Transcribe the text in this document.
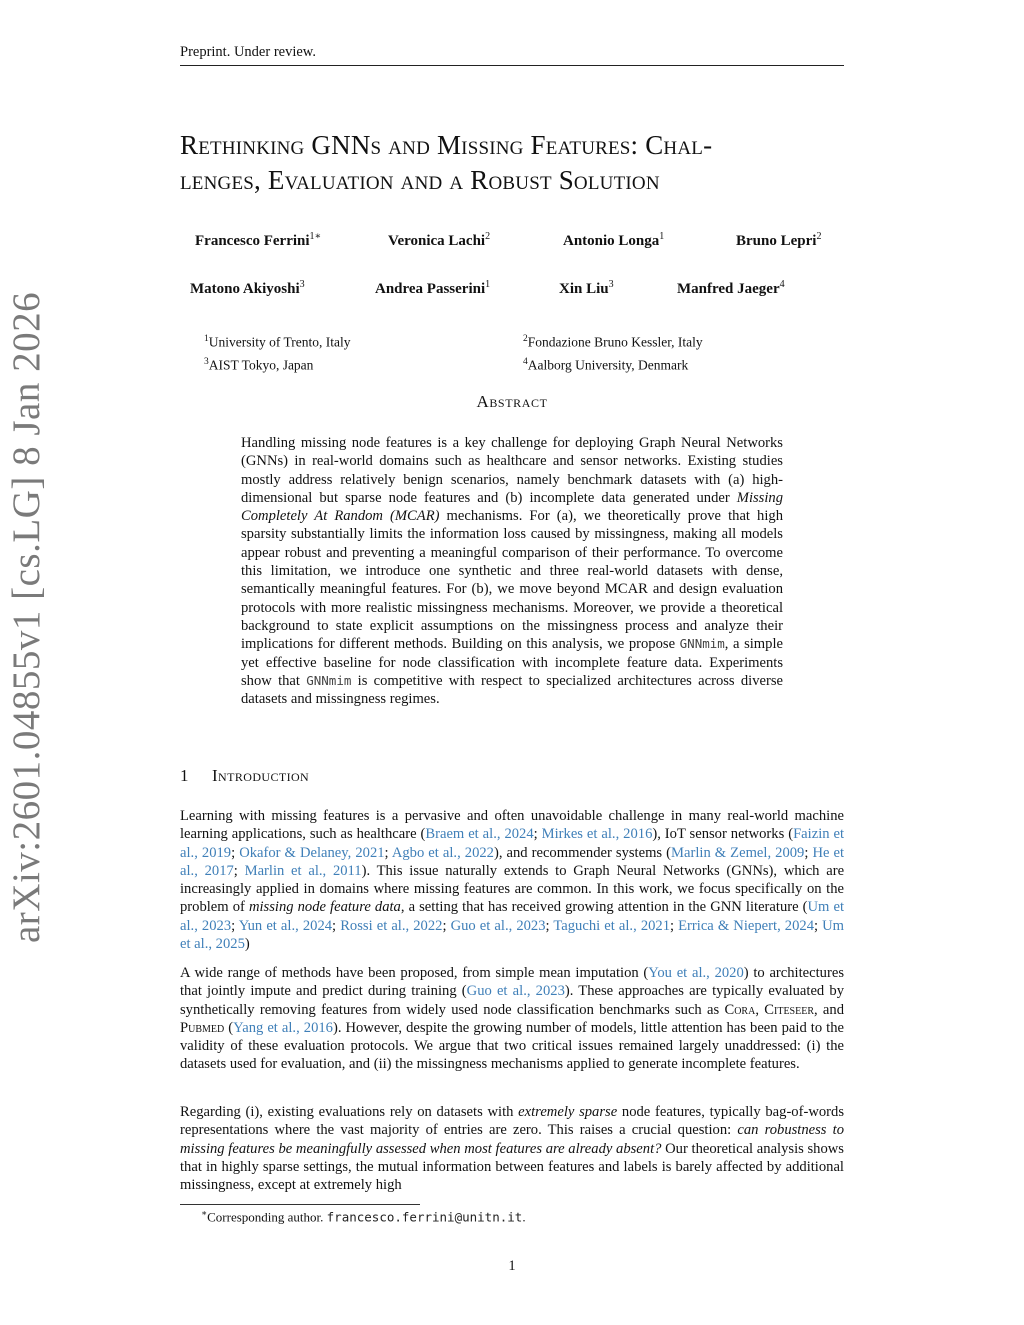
Preprint. Under review.
arXiv:2601.04855v1 [cs.LG] 8 Jan 2026
Rethinking GNNs and Missing Features: Chal-
lenges, Evaluation and a Robust Solution
Francesco Ferrini$^{1∗}$	Veronica Lachi$^2$	Antonio Longa$^1$	Bruno Lepri$^2$
Matono Akiyoshi$^3$	Andrea Passerini$^1$	Xin Liu$^3$	Manfred Jaeger$^4$
$^1$University of Trento, Italy	$^2$Fondazione Bruno Kessler, Italy
$^3$AIST Tokyo, Japan	$^4$Aalborg University, Denmark
Abstract
Handling missing node features is a key challenge for deploying Graph Neural Networks (GNNs) in real-world domains such as healthcare and sensor networks. Existing studies mostly address relatively benign scenarios, namely benchmark datasets with (a) high-dimensional but sparse node features and (b) incomplete data generated under Missing Completely At Random (MCAR) mechanisms. For (a), we theoretically prove that high sparsity substantially limits the information loss caused by missingness, making all models appear robust and preventing a meaningful comparison of their performance. To overcome this limitation, we introduce one synthetic and three real-world datasets with dense, semantically meaningful features. For (b), we move beyond MCAR and design evaluation protocols with more realistic missingness mechanisms. Moreover, we provide a theoretical background to state explicit assumptions on the missingness process and analyze their implications for different methods. Building on this analysis, we propose GNNmim, a simple yet effective baseline for node classification with incomplete feature data. Experiments show that GNNmim is competitive with respect to specialized architectures across diverse datasets and missingness regimes.
1 Introduction
Learning with missing features is a pervasive and often unavoidable challenge in many real-world machine learning applications, such as healthcare (Braem et al., 2024; Mirkes et al., 2016), IoT sensor networks (Faizin et al., 2019; Okafor & Delaney, 2021; Agbo et al., 2022), and recommender systems (Marlin & Zemel, 2009; He et al., 2017; Marlin et al., 2011). This issue naturally extends to Graph Neural Networks (GNNs), which are increasingly applied in domains where missing features are common. In this work, we focus specifically on the problem of missing node feature data, a setting that has received growing attention in the GNN literature (Um et al., 2023; Yun et al., 2024; Rossi et al., 2022; Guo et al., 2023; Taguchi et al., 2021; Errica & Niepert, 2024; Um et al., 2025)
A wide range of methods have been proposed, from simple mean imputation (You et al., 2020) to architectures that jointly impute and predict during training (Guo et al., 2023). These approaches are typically evaluated by synthetically removing features from widely used node classification benchmarks such as Cora, Citeseer, and Pubmed (Yang et al., 2016). However, despite the growing number of models, little attention has been paid to the validity of these evaluation protocols. We argue that two critical issues remained largely unaddressed: (i) the datasets used for evaluation, and (ii) the missingness mechanisms applied to generate incomplete features.
Regarding (i), existing evaluations rely on datasets with extremely sparse node features, typically bag-of-words representations where the vast majority of entries are zero. This raises a crucial question: can robustness to missing features be meaningfully assessed when most features are already absent? Our theoretical analysis shows that in highly sparse settings, the mutual information between features and labels is barely affected by additional missingness, except at extremely high
∗Corresponding author. francesco.ferrini@unitn.it.
1
